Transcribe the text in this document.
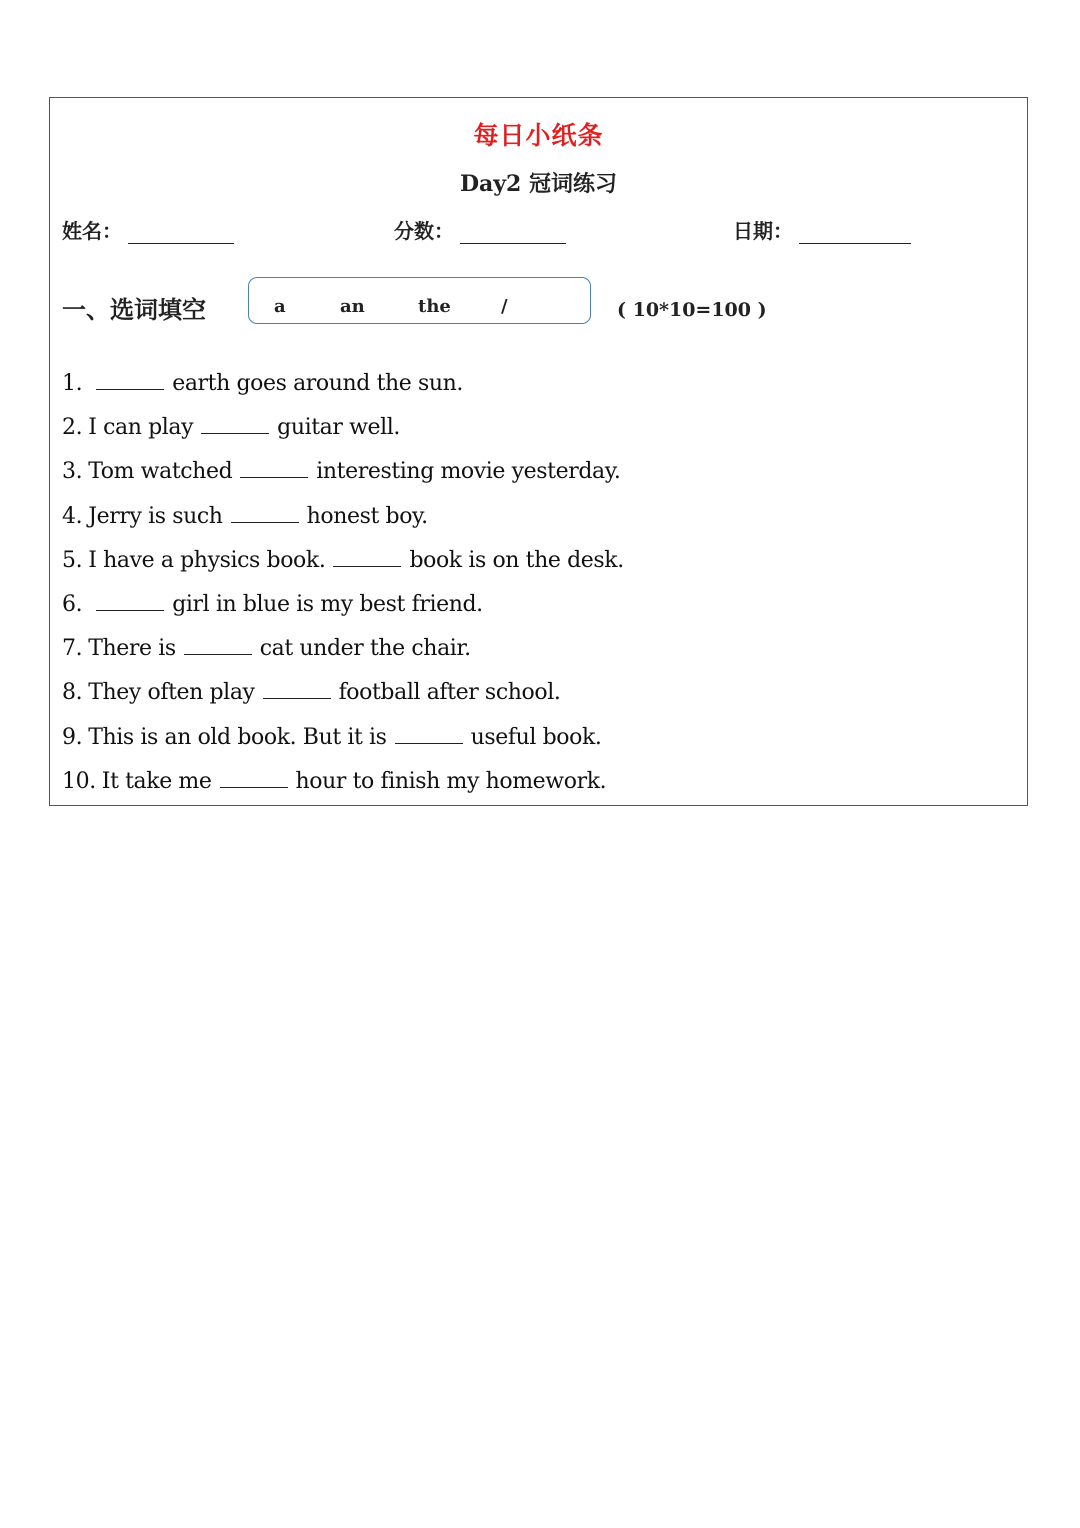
每日小纸条
Day2 冠词练习
姓名：	分数：	日期：
一、选词填空	a	an	the	/	( 10*10=100 )
1.	earth goes around the sun.
2. I can play	guitar well.
3. Tom watched	interesting movie yesterday.
4. Jerry is such	honest boy.
5. I have a physics book.	book is on the desk.
6.	girl in blue is my best friend.
7. There is	cat under the chair.
8. They often play	football after school.
9. This is an old book. But it is	useful book.
10. It take me	hour to finish my homework.
